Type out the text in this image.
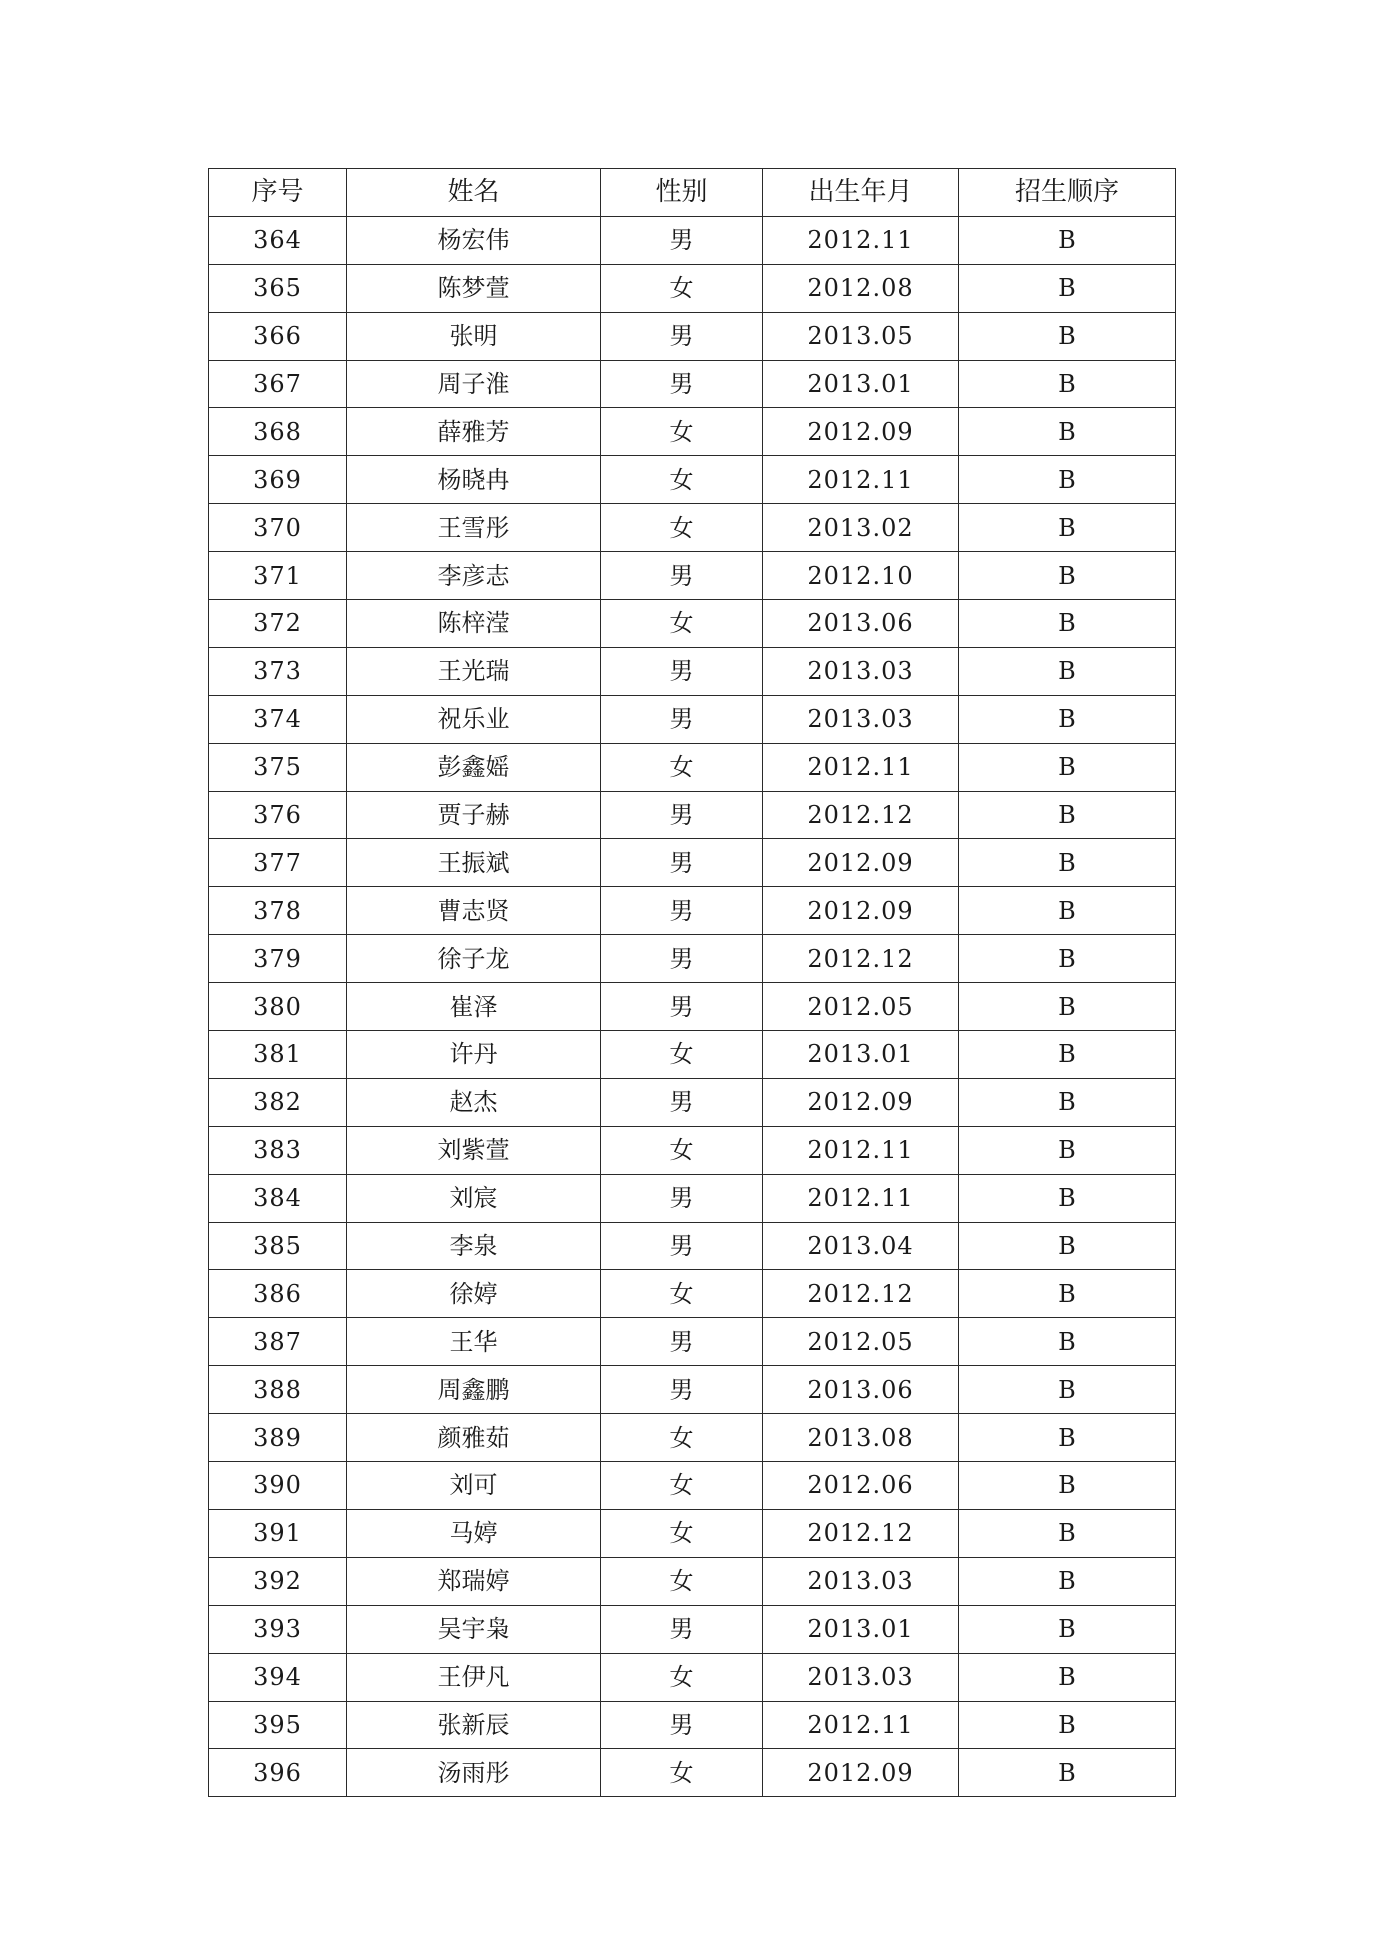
序号	姓名	性别	出生年月	招生顺序
364	杨宏伟	男	2012.11	B
365	陈梦萱	女	2012.08	B
366	张明	男	2013.05	B
367	周子淮	男	2013.01	B
368	薛雅芳	女	2012.09	B
369	杨晓冉	女	2012.11	B
370	王雪彤	女	2013.02	B
371	李彦志	男	2012.10	B
372	陈梓滢	女	2013.06	B
373	王光瑞	男	2013.03	B
374	祝乐业	男	2013.03	B
375	彭鑫媱	女	2012.11	B
376	贾子赫	男	2012.12	B
377	王振斌	男	2012.09	B
378	曹志贤	男	2012.09	B
379	徐子龙	男	2012.12	B
380	崔泽	男	2012.05	B
381	许丹	女	2013.01	B
382	赵杰	男	2012.09	B
383	刘紫萱	女	2012.11	B
384	刘宸	男	2012.11	B
385	李泉	男	2013.04	B
386	徐婷	女	2012.12	B
387	王华	男	2012.05	B
388	周鑫鹏	男	2013.06	B
389	颜雅茹	女	2013.08	B
390	刘可	女	2012.06	B
391	马婷	女	2012.12	B
392	郑瑞婷	女	2013.03	B
393	吴宇枭	男	2013.01	B
394	王伊凡	女	2013.03	B
395	张新辰	男	2012.11	B
396	汤雨彤	女	2012.09	B
